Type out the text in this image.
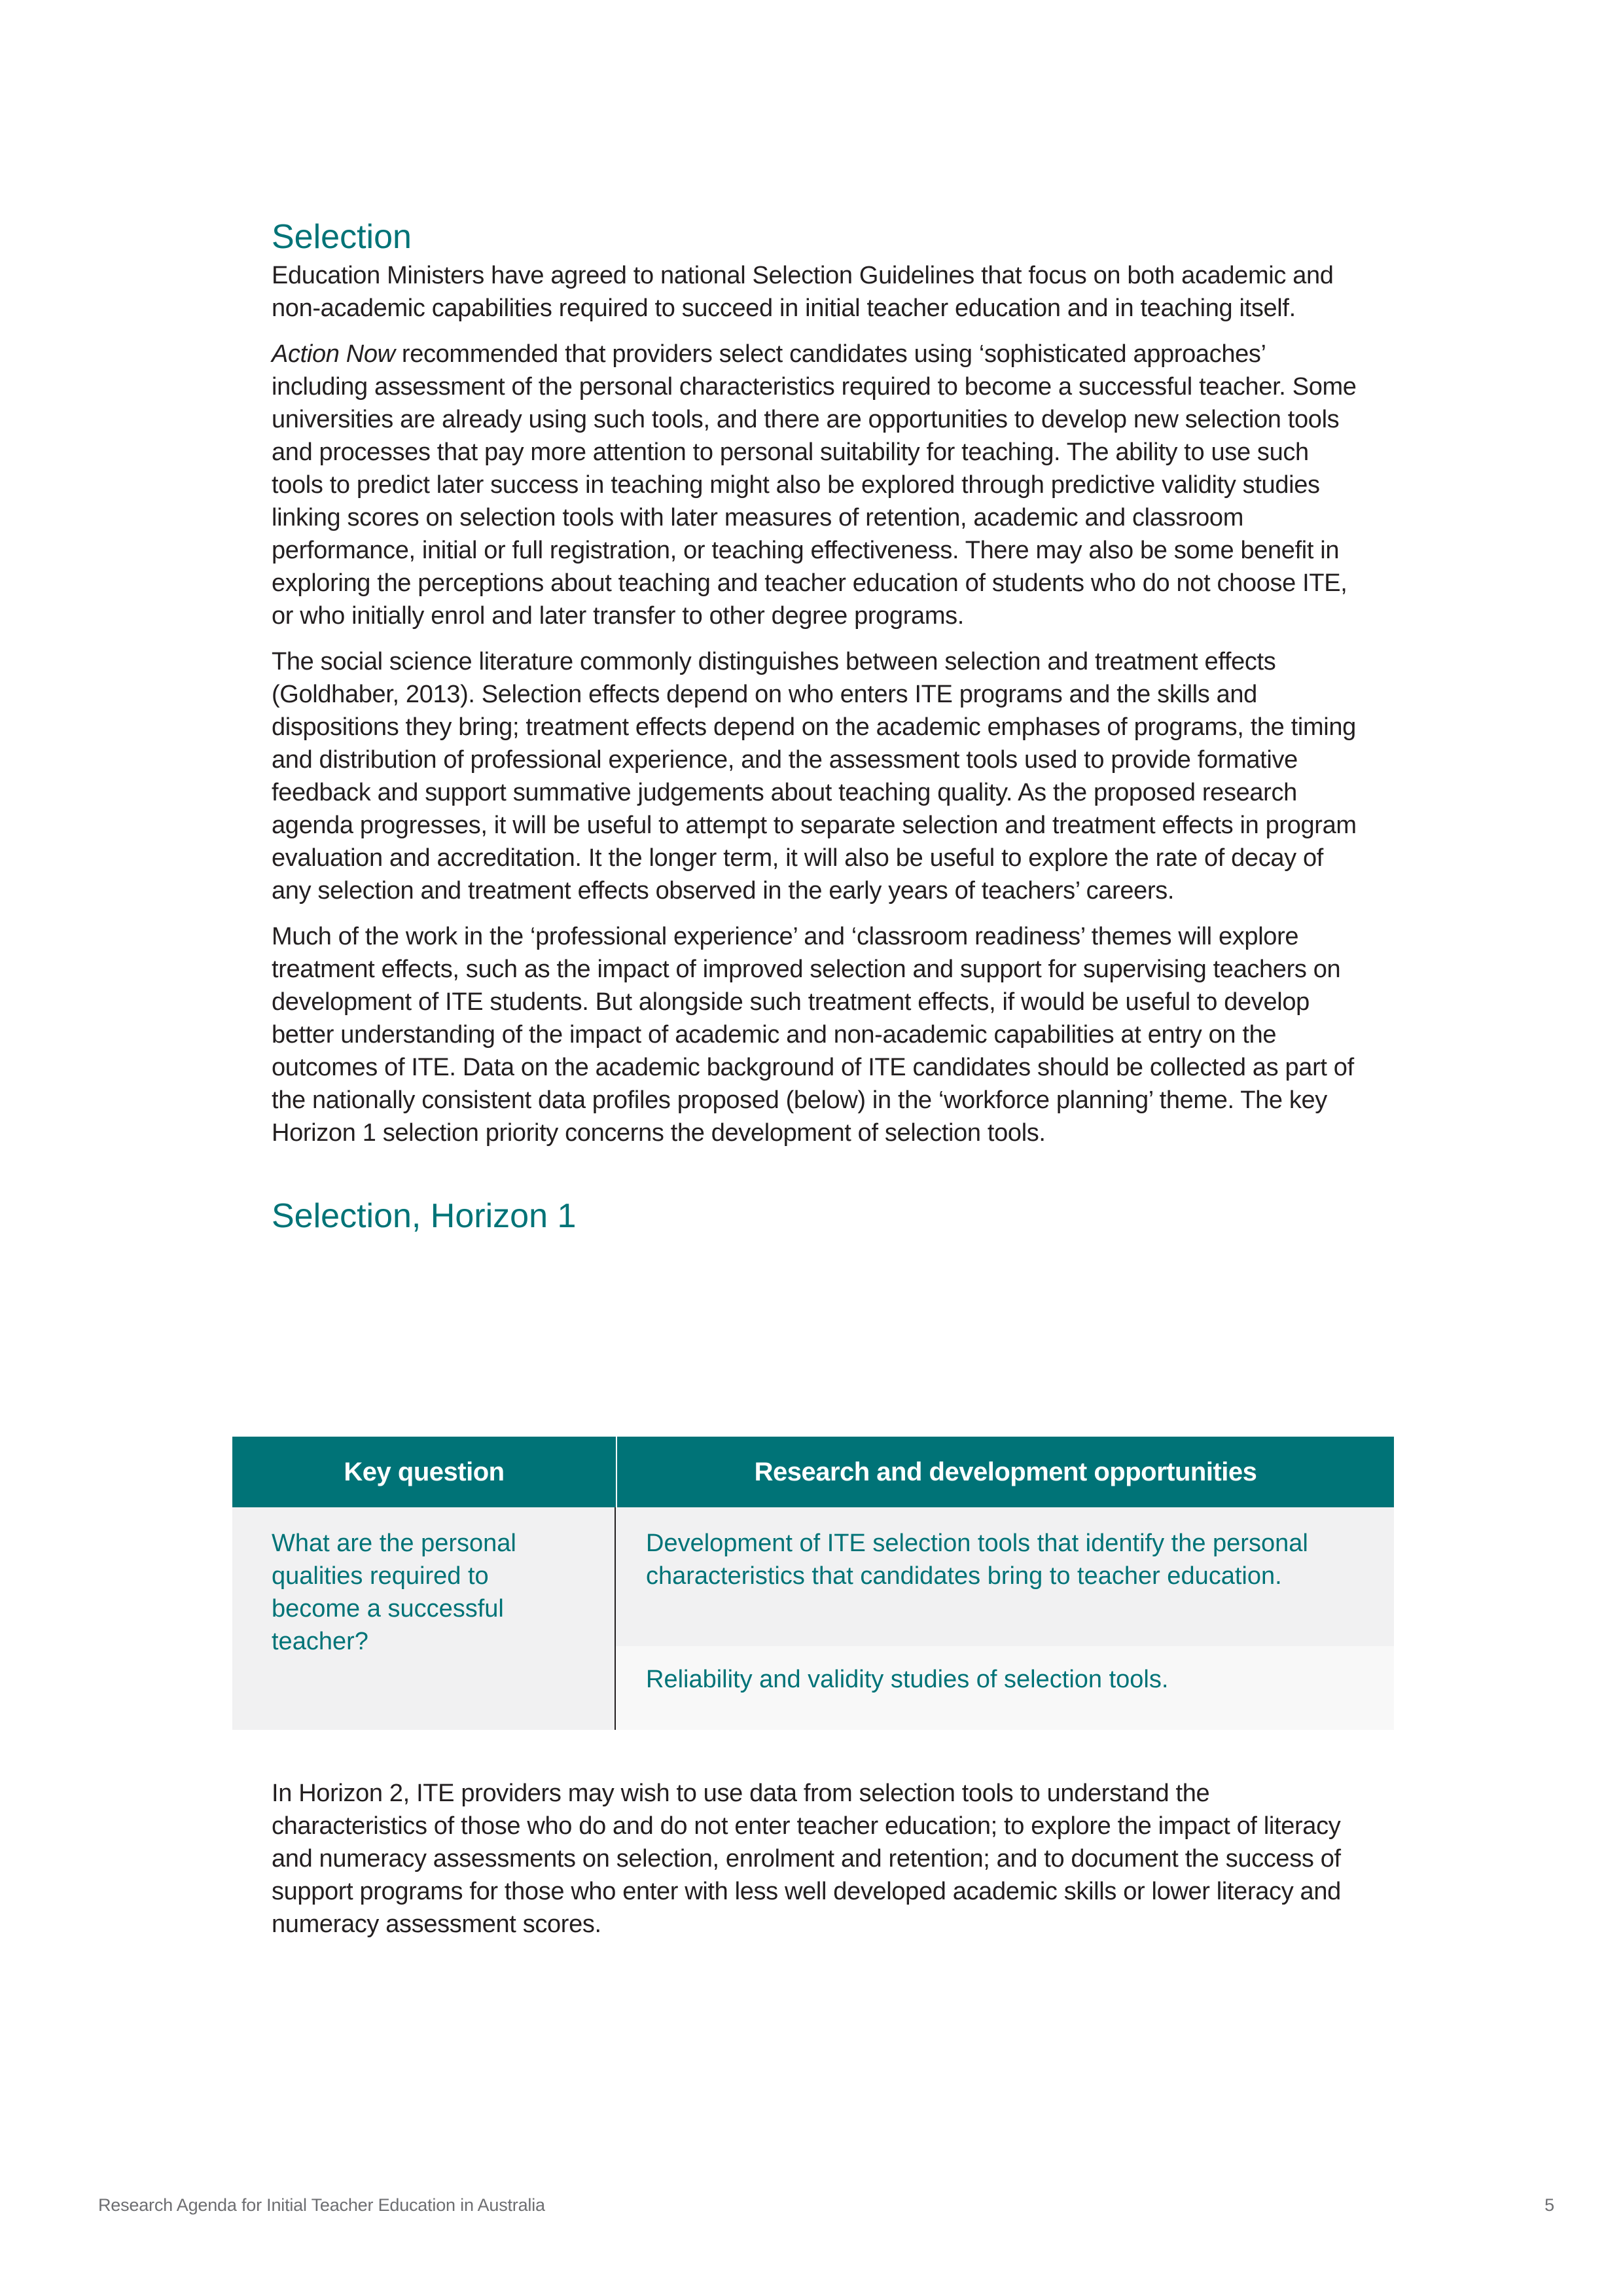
Selection

Education Ministers have agreed to national Selection Guidelines that focus on both academic and non-academic capabilities required to succeed in initial teacher education and in teaching itself.

Action Now recommended that providers select candidates using ‘sophisticated approaches’ including assessment of the personal characteristics required to become a successful teacher. Some universities are already using such tools, and there are opportunities to develop new selection tools and processes that pay more attention to personal suitability for teaching. The ability to use such tools to predict later success in teaching might also be explored through predictive validity studies linking scores on selection tools with later measures of retention, academic and classroom performance, initial or full registration, or teaching effectiveness. There may also be some benefit in exploring the perceptions about teaching and teacher education of students who do not choose ITE, or who initially enrol and later transfer to other degree programs.

The social science literature commonly distinguishes between selection and treatment effects (Goldhaber, 2013). Selection effects depend on who enters ITE programs and the skills and dispositions they bring; treatment effects depend on the academic emphases of programs, the timing and distribution of professional experience, and the assessment tools used to provide formative feedback and support summative judgements about teaching quality. As the proposed research agenda progresses, it will be useful to attempt to separate selection and treatment effects in program evaluation and accreditation. It the longer term, it will also be useful to explore the rate of decay of any selection and treatment effects observed in the early years of teachers’ careers.

Much of the work in the ‘professional experience’ and ‘classroom readiness’ themes will explore treatment effects, such as the impact of improved selection and support for supervising teachers on development of ITE students. But alongside such treatment effects, if would be useful to develop better understanding of the impact of academic and non-academic capabilities at entry on the outcomes of ITE. Data on the academic background of ITE candidates should be collected as part of the nationally consistent data profiles proposed (below) in the ‘workforce planning’ theme. The key Horizon 1 selection priority concerns the development of selection tools.

Selection, Horizon 1
Key question	Research and development opportunities
What are the personal qualities required to become a successful teacher?
Development of ITE selection tools that identify the personal characteristics that candidates bring to teacher education.
Reliability and validity studies of selection tools.

In Horizon 2, ITE providers may wish to use data from selection tools to understand the characteristics of those who do and do not enter teacher education; to explore the impact of literacy and numeracy assessments on selection, enrolment and retention; and to document the success of support programs for those who enter with less well developed academic skills or lower literacy and numeracy assessment scores.

Research Agenda for Initial Teacher Education in Australia	5
